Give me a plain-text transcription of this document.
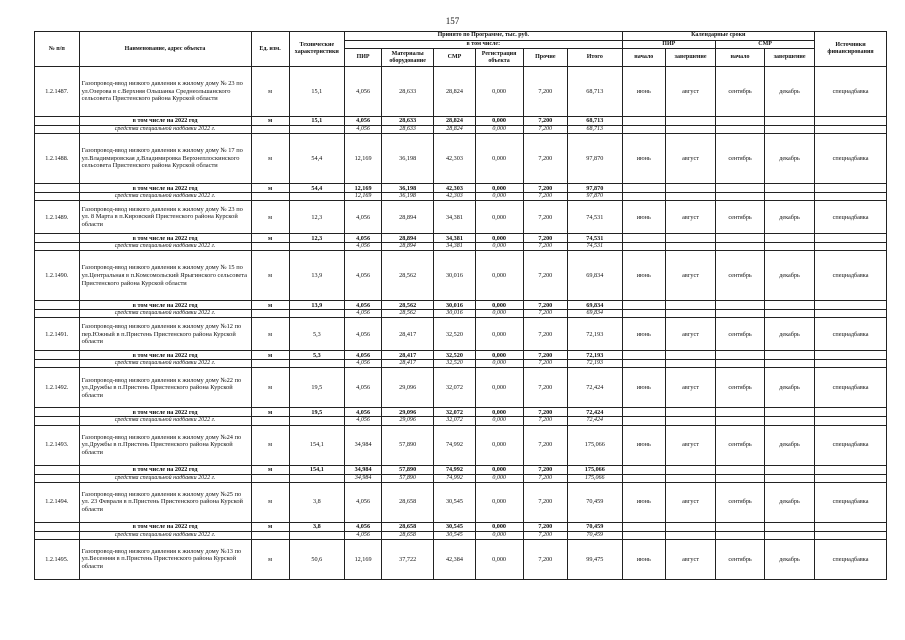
157
№ п/п	Наименование, адрес объекта	Ед. изм.	Технические характеристики	Принято по Программе, тыс. руб.						Календарные сроки				Источники финансирования
				в том числе:						ПИР		СМР		
				ПИР	Материалы оборудование	СМР	Регистрация объекта	Прочие	Итого	начало	завершение	начало	завершение	
1.2.1487.	Газопровод-ввод низкого давления к жилому дому № 23 по ул.Озерова в с.Верхняя Ольшанка Среднеольшанского сельсовета Пристенского района Курской области	м	15,1	4,056	28,633	28,824	0,000	7,200	68,713	июнь	август	сентябрь	декабрь	спецнадбавка
	в том числе на 2022 год	м	15,1	4,056	28,633	28,824	0,000	7,200	68,713					
	средства специальной надбавки 2022 г.			4,056	28,633	28,824	0,000	7,200	68,713					
1.2.1488.	Газопровод-ввод низкого давления к жилому дому № 17 по ул.Владимировская д.Владимировка Верхнеплоскинского сельсовета Пристенского района Курской области	м	54,4	12,169	36,198	42,303	0,000	7,200	97,870	июнь	август	сентябрь	декабрь	спецнадбавка
	в том числе на 2022 год	м	54,4	12,169	36,198	42,303	0,000	7,200	97,870					
	средства специальной надбавки 2022 г.			12,169	36,198	42,303	0,000	7,200	97,870					
1.2.1489.	Газопровод-ввод низкого давления к жилому дому № 23 по ул. 8 Марта в п.Кировский Пристенского района Курской области	м	12,3	4,056	28,894	34,381	0,000	7,200	74,531	июнь	август	сентябрь	декабрь	спецнадбавка
	в том числе на 2022 год	м	12,3	4,056	28,894	34,381	0,000	7,200	74,531					
	средства специальной надбавки 2022 г.			4,056	28,894	34,381	0,000	7,200	74,531					
1.2.1490.	Газопровод-ввод низкого давления к жилому дому № 15 по ул.Центральная в п.Комсомольский Ярыгинского сельсовета Пристенского района Курской области	м	13,9	4,056	28,562	30,016	0,000	7,200	69,834	июнь	август	сентябрь	декабрь	спецнадбавка
	в том числе на 2022 год	м	13,9	4,056	28,562	30,016	0,000	7,200	69,834					
	средства специальной надбавки 2022 г.			4,056	28,562	30,016	0,000	7,200	69,834					
1.2.1491.	Газопровод-ввод низкого давления к жилому дому №12 по пер.Южный в п.Пристень Пристенского района Курской области	м	5,3	4,056	28,417	32,520	0,000	7,200	72,193	июнь	август	сентябрь	декабрь	спецнадбавка
	в том числе на 2022 год	м	5,3	4,056	28,417	32,520	0,000	7,200	72,193					
	средства специальной надбавки 2022 г.			4,056	28,417	32,520	0,000	7,200	72,193					
1.2.1492.	Газопровод-ввод низкого давления к жилому дому №22 по ул.Дружбы в п.Пристень Пристенского района Курской области	м	19,5	4,056	29,096	32,072	0,000	7,200	72,424	июнь	август	сентябрь	декабрь	спецнадбавка
	в том числе на 2022 год	м	19,5	4,056	29,096	32,072	0,000	7,200	72,424					
	средства специальной надбавки 2022 г.			4,056	29,096	32,072	0,000	7,200	72,424					
1.2.1493.	Газопровод-ввод низкого давления к жилому дому №24 по ул.Дружбы в п.Пристень Пристенского района Курской области	м	154,1	34,984	57,890	74,992	0,000	7,200	175,066	июнь	август	сентябрь	декабрь	спецнадбавка
	в том числе на 2022 год	м	154,1	34,984	57,890	74,992	0,000	7,200	175,066					
	средства специальной надбавки 2022 г.			34,984	57,890	74,992	0,000	7,200	175,066					
1.2.1494.	Газопровод-ввод низкого давления к жилому дому №25 по ул. 23 Февраля в п.Пристень Пристенского района Курской области	м	3,8	4,056	28,658	30,545	0,000	7,200	70,459	июнь	август	сентябрь	декабрь	спецнадбавка
	в том числе на 2022 год	м	3,8	4,056	28,658	30,545	0,000	7,200	70,459					
	средства специальной надбавки 2022 г.			4,056	28,658	30,545	0,000	7,200	70,459					
1.2.1495.	Газопровод-ввод низкого давления к жилому дому №13 по ул.Весенняя в п.Пристень Пристенского района Курской области	м	50,6	12,169	37,722	42,384	0,000	7,200	99,475	июнь	август	сентябрь	декабрь	спецнадбавка
